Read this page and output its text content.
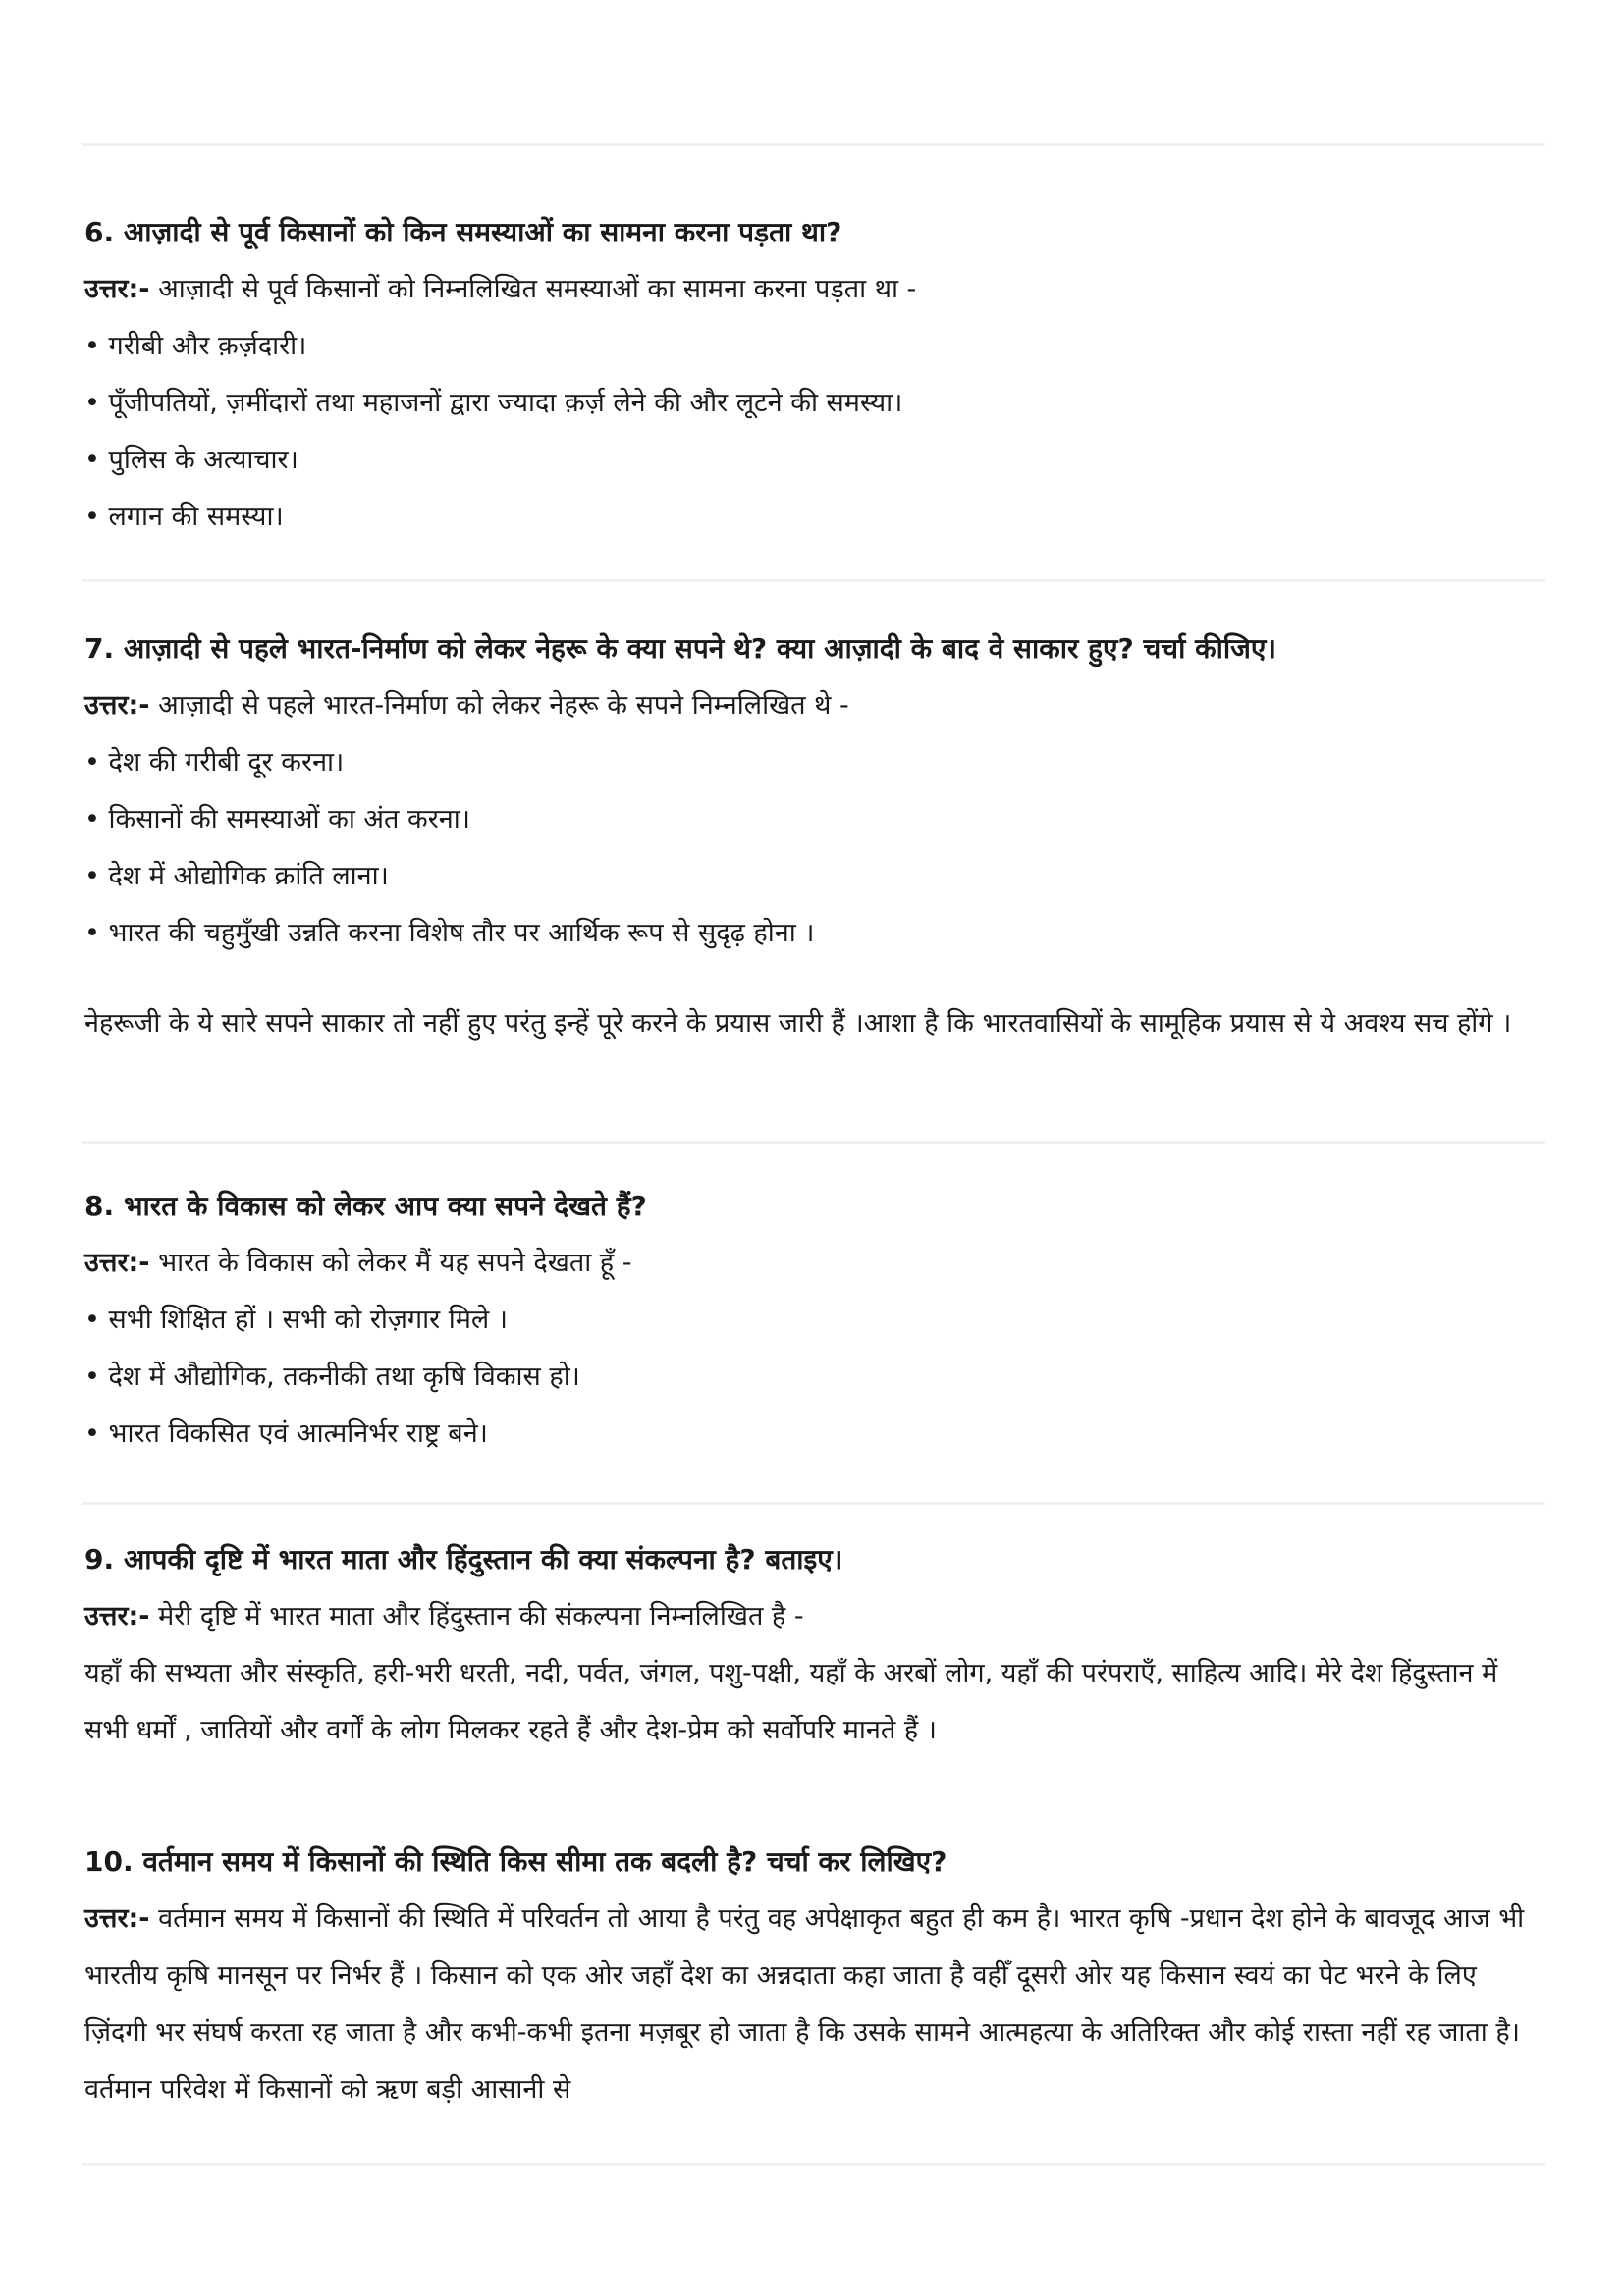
6. आज़ादी से पूर्व किसानों को किन समस्याओं का सामना करना पड़ता था?

उत्तर:- आज़ादी से पूर्व किसानों को निम्नलिखित समस्याओं का सामना करना पड़ता था -

• गरीबी और क़र्ज़दारी।

• पूँजीपतियों, ज़मींदारों तथा महाजनों द्वारा ज्यादा क़र्ज़ लेने की और लूटने की समस्या।

• पुलिस के अत्याचार।

• लगान की समस्या।

7. आज़ादी से पहले भारत-निर्माण को लेकर नेहरू के क्या सपने थे? क्या आज़ादी के बाद वे साकार हुए? चर्चा कीजिए।

उत्तर:- आज़ादी से पहले भारत-निर्माण को लेकर नेहरू के सपने निम्नलिखित थे -

• देश की गरीबी दूर करना।

• किसानों की समस्याओं का अंत करना।

• देश में ओद्योगिक क्रांति लाना।

• भारत की चहुमुँखी उन्नति करना विशेष तौर पर आर्थिक रूप से सुदृढ़ होना ।

नेहरूजी के ये सारे सपने साकार तो नहीं हुए परंतु इन्हें पूरे करने के प्रयास जारी हैं ।आशा है कि भारतवासियों के सामूहिक प्रयास से ये अवश्य सच होंगे ।

8. भारत के विकास को लेकर आप क्या सपने देखते हैं?

उत्तर:- भारत के विकास को लेकर मैं यह सपने देखता हूँ -

• सभी शिक्षित हों । सभी को रोज़गार मिले ।

• देश में औद्योगिक, तकनीकी तथा कृषि विकास हो।

• भारत विकसित एवं आत्मनिर्भर राष्ट्र बने।

9. आपकी दृष्टि में भारत माता और हिंदुस्तान की क्या संकल्पना है? बताइए।

उत्तर:- मेरी दृष्टि में भारत माता और हिंदुस्तान की संकल्पना निम्नलिखित है -

यहाँ की सभ्यता और संस्कृति, हरी-भरी धरती, नदी, पर्वत, जंगल, पशु-पक्षी, यहाँ के अरबों लोग, यहाँ की परंपराएँ, साहित्य आदि। मेरे देश हिंदुस्तान में सभी धर्मों , जातियों और वर्गों के लोग मिलकर रहते हैं और देश-प्रेम को सर्वोपरि मानते हैं ।

10. वर्तमान समय में किसानों की स्थिति किस सीमा तक बदली है? चर्चा कर लिखिए?

उत्तर:- वर्तमान समय में किसानों की स्थिति में परिवर्तन तो आया है परंतु वह अपेक्षाकृत बहुत ही कम है। भारत कृषि -प्रधान देश होने के बावजूद आज भी भारतीय कृषि मानसून पर निर्भर हैं । किसान को एक ओर जहाँ देश का अन्नदाता कहा जाता है वहीँ दूसरी ओर यह किसान स्वयं का पेट भरने के लिए ज़िंदगी भर संघर्ष करता रह जाता है और कभी-कभी इतना मज़बूर हो जाता है कि उसके सामने आत्महत्या के अतिरिक्त और कोई रास्ता नहीं रह जाता है। वर्तमान परिवेश में किसानों को ऋण बड़ी आसानी से
